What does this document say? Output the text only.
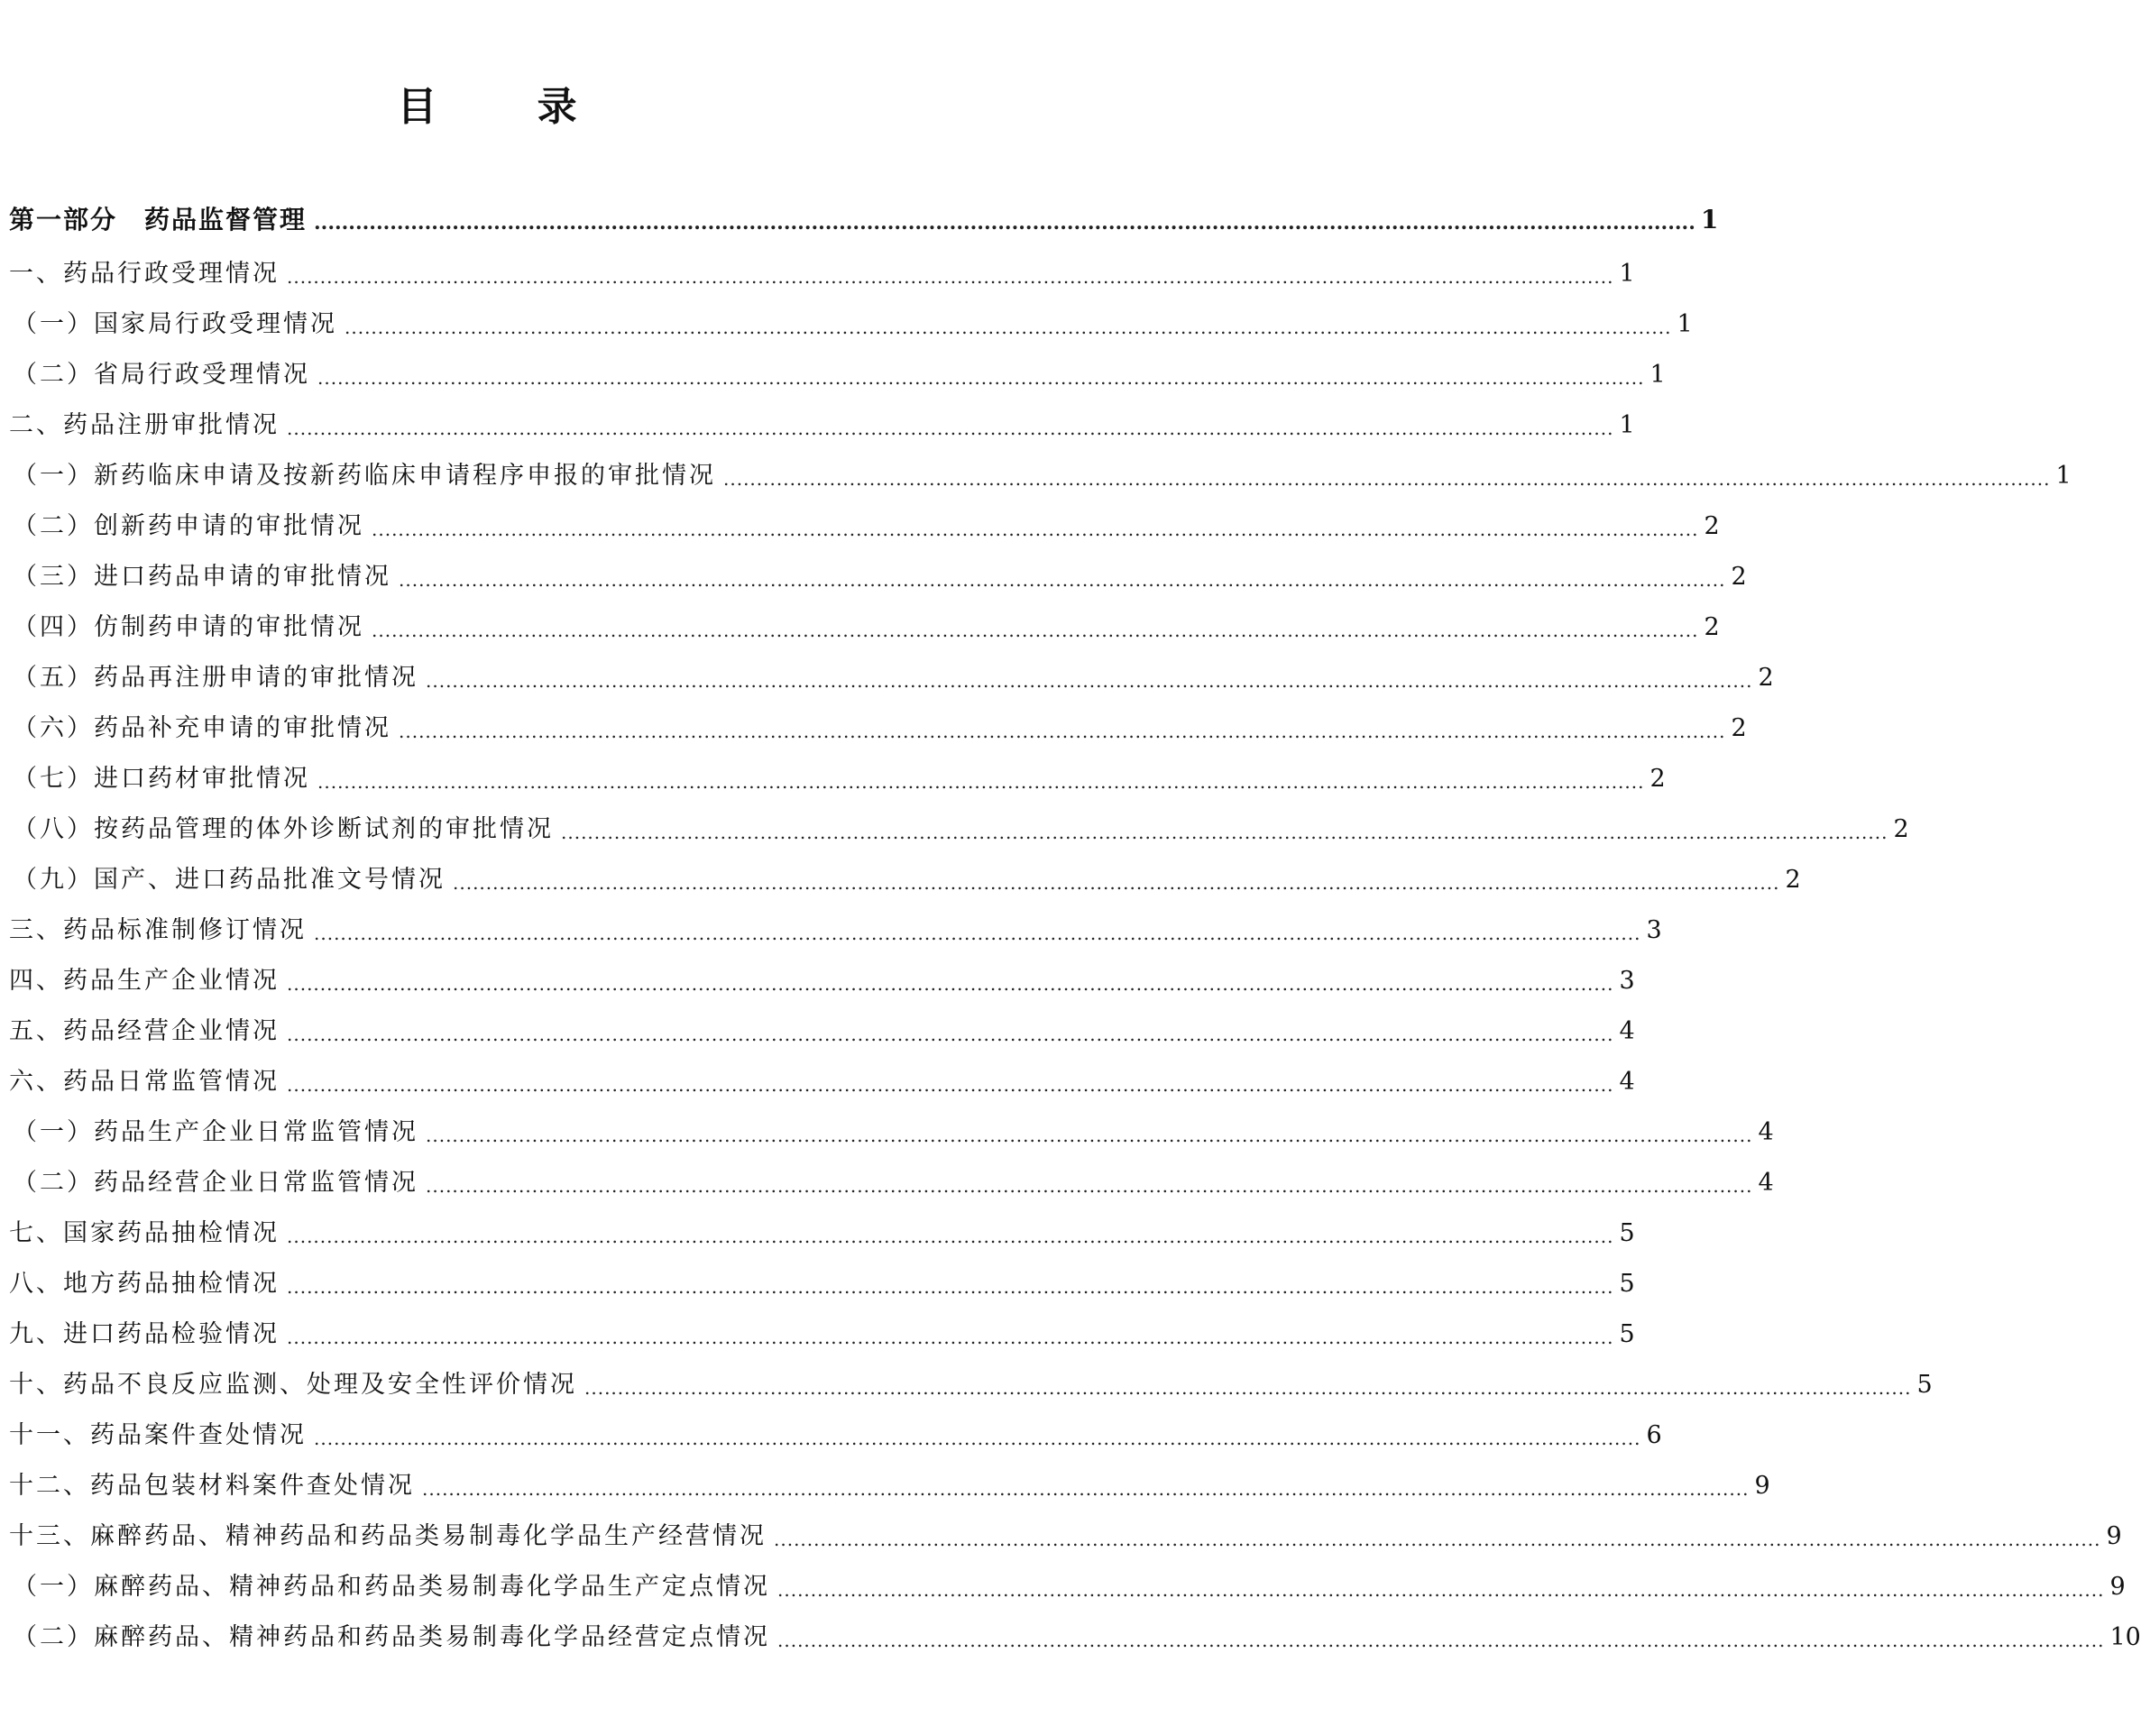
目 录
第一部分　药品监督管理 ........................................................................................................................................................................................................ 1
一、药品行政受理情况 ........................................................................................................................................................................................................ 1
（一）国家局行政受理情况 ........................................................................................................................................................................................................ 1
（二）省局行政受理情况 ........................................................................................................................................................................................................ 1
二、药品注册审批情况 ........................................................................................................................................................................................................ 1
（一）新药临床申请及按新药临床申请程序申报的审批情况 ........................................................................................................................................................................................................ 1
（二）创新药申请的审批情况 ........................................................................................................................................................................................................ 2
（三）进口药品申请的审批情况 ........................................................................................................................................................................................................ 2
（四）仿制药申请的审批情况 ........................................................................................................................................................................................................ 2
（五）药品再注册申请的审批情况 ........................................................................................................................................................................................................ 2
（六）药品补充申请的审批情况 ........................................................................................................................................................................................................ 2
（七）进口药材审批情况 ........................................................................................................................................................................................................ 2
（八）按药品管理的体外诊断试剂的审批情况 ........................................................................................................................................................................................................ 2
（九）国产、进口药品批准文号情况 ........................................................................................................................................................................................................ 2
三、药品标准制修订情况 ........................................................................................................................................................................................................ 3
四、药品生产企业情况 ........................................................................................................................................................................................................ 3
五、药品经营企业情况 ........................................................................................................................................................................................................ 4
六、药品日常监管情况 ........................................................................................................................................................................................................ 4
（一）药品生产企业日常监管情况 ........................................................................................................................................................................................................ 4
（二）药品经营企业日常监管情况 ........................................................................................................................................................................................................ 4
七、国家药品抽检情况 ........................................................................................................................................................................................................ 5
八、地方药品抽检情况 ........................................................................................................................................................................................................ 5
九、进口药品检验情况 ........................................................................................................................................................................................................ 5
十、药品不良反应监测、处理及安全性评价情况 ........................................................................................................................................................................................................ 5
十一、药品案件查处情况 ........................................................................................................................................................................................................ 6
十二、药品包装材料案件查处情况 ........................................................................................................................................................................................................ 9
十三、麻醉药品、精神药品和药品类易制毒化学品生产经营情况 ........................................................................................................................................................................................................ 9
（一）麻醉药品、精神药品和药品类易制毒化学品生产定点情况 ........................................................................................................................................................................................................ 9
（二）麻醉药品、精神药品和药品类易制毒化学品经营定点情况 ........................................................................................................................................................................................................ 10
